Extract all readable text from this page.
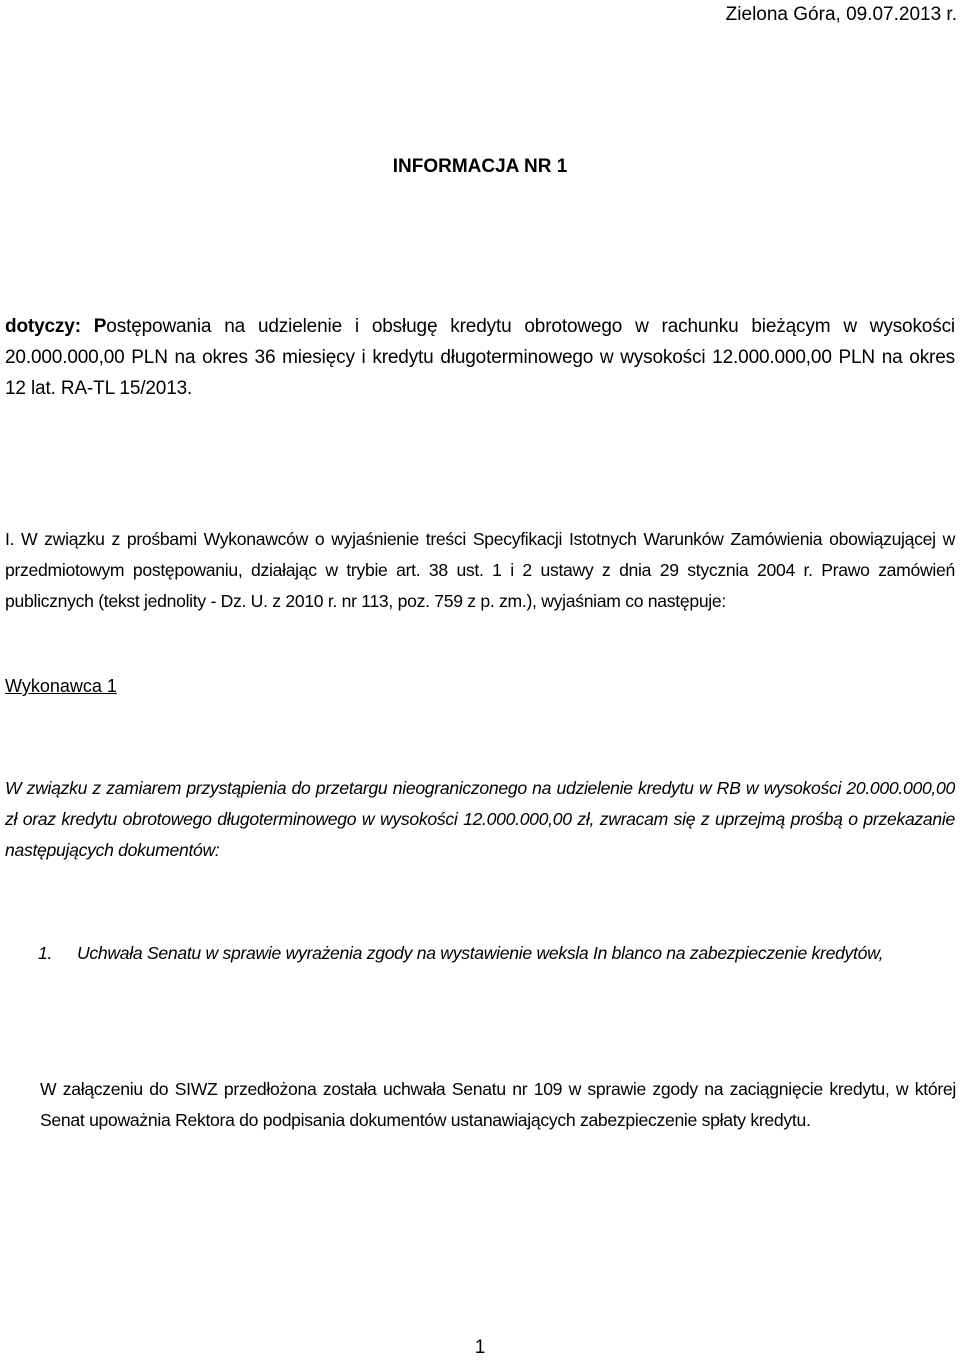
Zielona Góra, 09.07.2013 r.
INFORMACJA NR 1
dotyczy: Postępowania na udzielenie i obsługę kredytu obrotowego w rachunku bieżącym w wysokości 20.000.000,00 PLN na okres 36 miesięcy i kredytu długoterminowego w wysokości 12.000.000,00 PLN na okres 12 lat. RA-TL 15/2013.
I. W związku z prośbami Wykonawców o wyjaśnienie treści Specyfikacji Istotnych Warunków Zamówienia obowiązującej w przedmiotowym postępowaniu, działając w trybie art. 38 ust. 1 i 2 ustawy z dnia 29 stycznia 2004 r. Prawo zamówień publicznych (tekst jednolity - Dz. U. z 2010 r. nr 113, poz. 759 z p. zm.), wyjaśniam co następuje:
Wykonawca 1
W związku z zamiarem przystąpienia do przetargu nieograniczonego na udzielenie kredytu w RB w wysokości 20.000.000,00 zł oraz kredytu obrotowego długoterminowego w wysokości 12.000.000,00 zł, zwracam się z uprzejmą prośbą o przekazanie następujących dokumentów:
1. Uchwała Senatu w sprawie wyrażenia zgody na wystawienie weksla In blanco na zabezpieczenie kredytów,
W załączeniu do SIWZ przedłożona została uchwała Senatu nr 109 w sprawie zgody na zaciągnięcie kredytu, w której Senat upoważnia Rektora do podpisania dokumentów ustanawiających zabezpieczenie spłaty kredytu.
1
